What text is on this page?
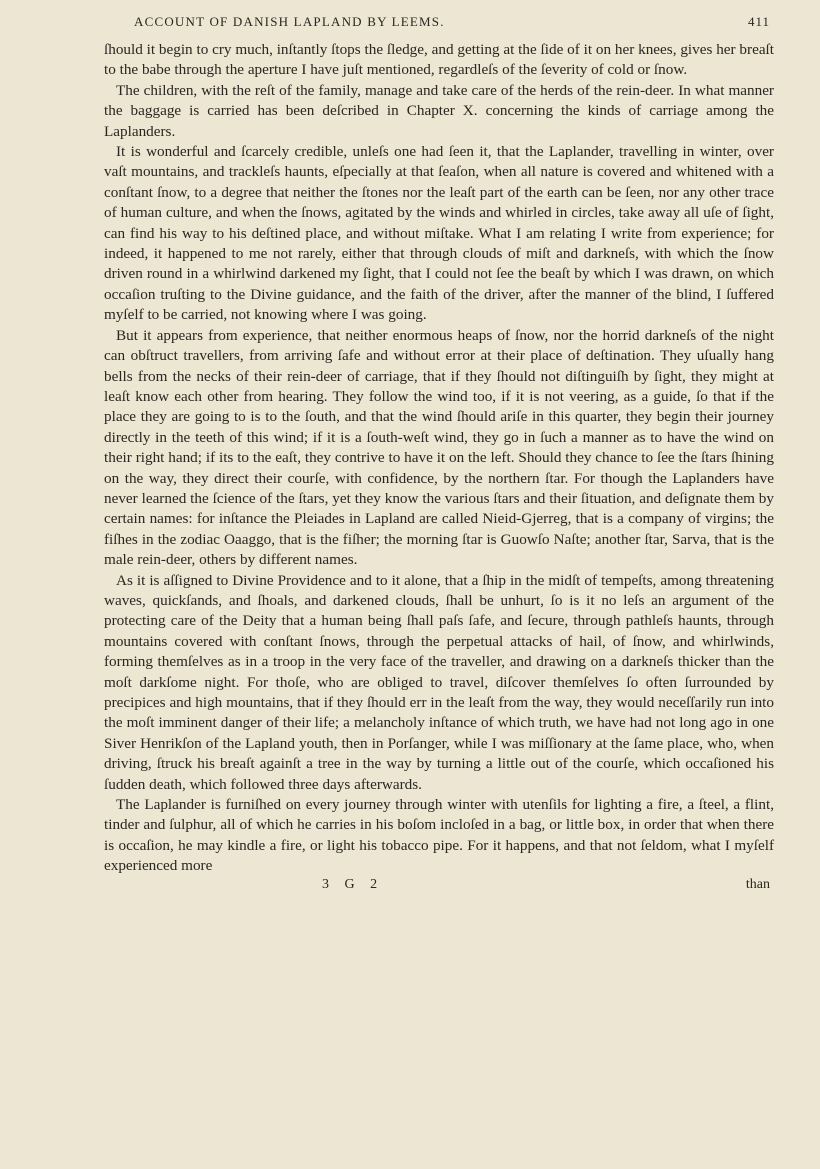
ACCOUNT OF DANISH LAPLAND BY LEEMS.	411

ſhould it begin to cry much, inſtantly ſtops the ſledge, and getting at the ſide of it on her knees, gives her breaſt to the babe through the aperture I have juſt mentioned, regardleſs of the ſeverity of cold or ſnow.

The children, with the reſt of the family, manage and take care of the herds of the rein-deer. In what manner the baggage is carried has been deſcribed in Chapter X. concerning the kinds of carriage among the Laplanders.

It is wonderful and ſcarcely credible, unleſs one had ſeen it, that the Laplander, travelling in winter, over vaſt mountains, and trackleſs haunts, eſpecially at that ſeaſon, when all nature is covered and whitened with a conſtant ſnow, to a degree that neither the ſtones nor the leaſt part of the earth can be ſeen, nor any other trace of human culture, and when the ſnows, agitated by the winds and whirled in circles, take away all uſe of ſight, can find his way to his deſtined place, and without miſtake. What I am relating I write from experience; for indeed, it happened to me not rarely, either that through clouds of miſt and darkneſs, with which the ſnow driven round in a whirlwind darkened my ſight, that I could not ſee the beaſt by which I was drawn, on which occaſion truſting to the Divine guidance, and the faith of the driver, after the manner of the blind, I ſuffered myſelf to be carried, not knowing where I was going.

But it appears from experience, that neither enormous heaps of ſnow, nor the horrid darkneſs of the night can obſtruct travellers, from arriving ſafe and without error at their place of deſtination. They uſually hang bells from the necks of their rein-deer of carriage, that if they ſhould not diſtinguiſh by ſight, they might at leaſt know each other from hearing. They follow the wind too, if it is not veering, as a guide, ſo that if the place they are going to is to the ſouth, and that the wind ſhould ariſe in this quarter, they begin their journey directly in the teeth of this wind; if it is a ſouth-weſt wind, they go in ſuch a manner as to have the wind on their right hand; if its to the eaſt, they contrive to have it on the left. Should they chance to ſee the ſtars ſhining on the way, they direct their courſe, with confidence, by the northern ſtar. For though the Laplanders have never learned the ſcience of the ſtars, yet they know the various ſtars and their ſituation, and deſignate them by certain names: for inſtance the Pleiades in Lapland are called Nieid-Gjerreg, that is a company of virgins; the fiſhes in the zodiac Oaaggo, that is the fiſher; the morning ſtar is Guowſo Naſte; another ſtar, Sarva, that is the male rein-deer, others by different names.

As it is aſſigned to Divine Providence and to it alone, that a ſhip in the midſt of tempeſts, among threatening waves, quickſands, and ſhoals, and darkened clouds, ſhall be unhurt, ſo is it no leſs an argument of the protecting care of the Deity that a human being ſhall paſs ſafe, and ſecure, through pathleſs haunts, through mountains covered with conſtant ſnows, through the perpetual attacks of hail, of ſnow, and whirlwinds, forming themſelves as in a troop in the very face of the traveller, and drawing on a darkneſs thicker than the moſt darkſome night. For thoſe, who are obliged to travel, diſcover themſelves ſo often ſurrounded by precipices and high mountains, that if they ſhould err in the leaſt from the way, they would neceſſarily run into the moſt imminent danger of their life; a melancholy inſtance of which truth, we have had not long ago in one Siver Henrikſon of the Lapland youth, then in Porſanger, while I was miſſionary at the ſame place, who, when driving, ſtruck his breaſt againſt a tree in the way by turning a little out of the courſe, which occaſioned his ſudden death, which followed three days afterwards.

The Laplander is furniſhed on every journey through winter with utenſils for lighting a fire, a ſteel, a flint, tinder and ſulphur, all of which he carries in his boſom incloſed in a bag, or little box, in order that when there is occaſion, he may kindle a fire, or light his tobacco pipe. For it happens, and that not ſeldom, what I myſelf experienced more

3 G 2	than
